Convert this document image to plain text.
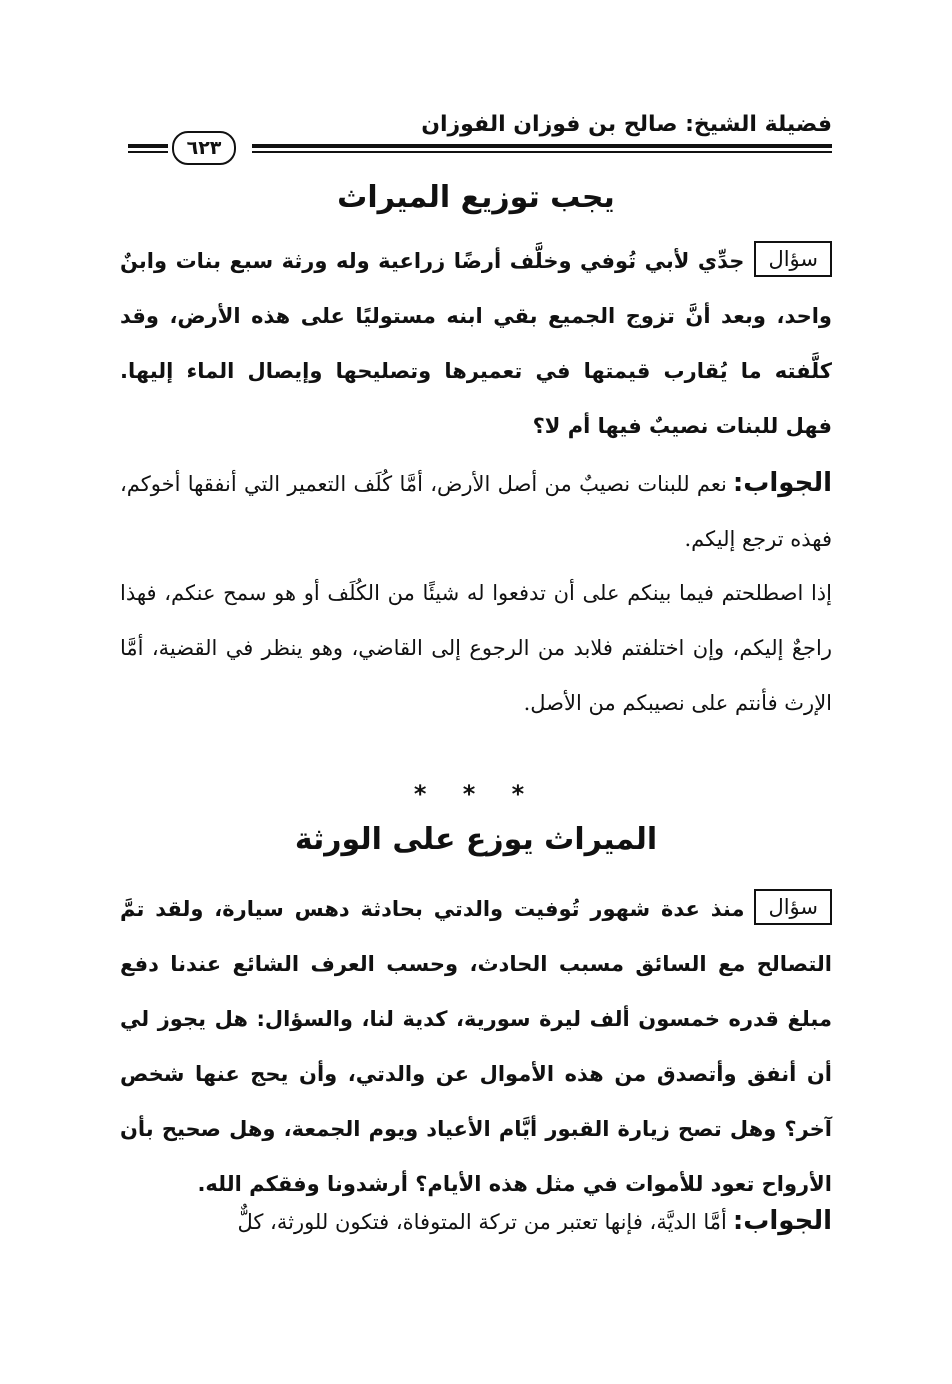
فضيلة الشيخ: صالح بن فوزان الفوزان
٦٢٣
يجب توزيع الميراث
سؤالجدِّي لأبي تُوفي وخلَّف أرضًا زراعية وله ورثة سبع بنات وابنٌ واحد، وبعد أنَّ تزوج الجميع بقي ابنه مستوليًا على هذه الأرض، وقد كلَّفته ما يُقارب قيمتها في تعميرها وتصليحها وإيصال الماء إليها. فهل للبنات نصيبٌ فيها أم لا؟
الجواب:نعم للبنات نصيبٌ من أصل الأرض، أمَّا كُلَف التعمير التي أنفقها أخوكم، فهذه ترجع إليكم.
إذا اصطلحتم فيما بينكم على أن تدفعوا له شيئًا من الكُلَف أو هو سمح عنكم، فهذا راجعٌ إليكم، وإن اختلفتم فلابد من الرجوع إلى القاضي، وهو ينظر في القضية، أمَّا الإرث فأنتم على نصيبكم من الأصل.
* * *
الميراث يوزع على الورثة
سؤالمنذ عدة شهور تُوفيت والدتي بحادثة دهس سيارة، ولقد تمَّ التصالح مع السائق مسبب الحادث، وحسب العرف الشائع عندنا دفع مبلغ قدره خمسون ألف ليرة سورية، كدية لنا، والسؤال: هل يجوز لي أن أنفق وأتصدق من هذه الأموال عن والدتي، وأن يحج عنها شخص آخر؟ وهل تصح زيارة القبور أيَّام الأعياد ويوم الجمعة، وهل صحيح بأن الأرواح تعود للأموات في مثل هذه الأيام؟ أرشدونا وفقكم الله.
الجواب:أمَّا الديَّة، فإنها تعتبر من تركة المتوفاة، فتكون للورثة، كلٌّ
